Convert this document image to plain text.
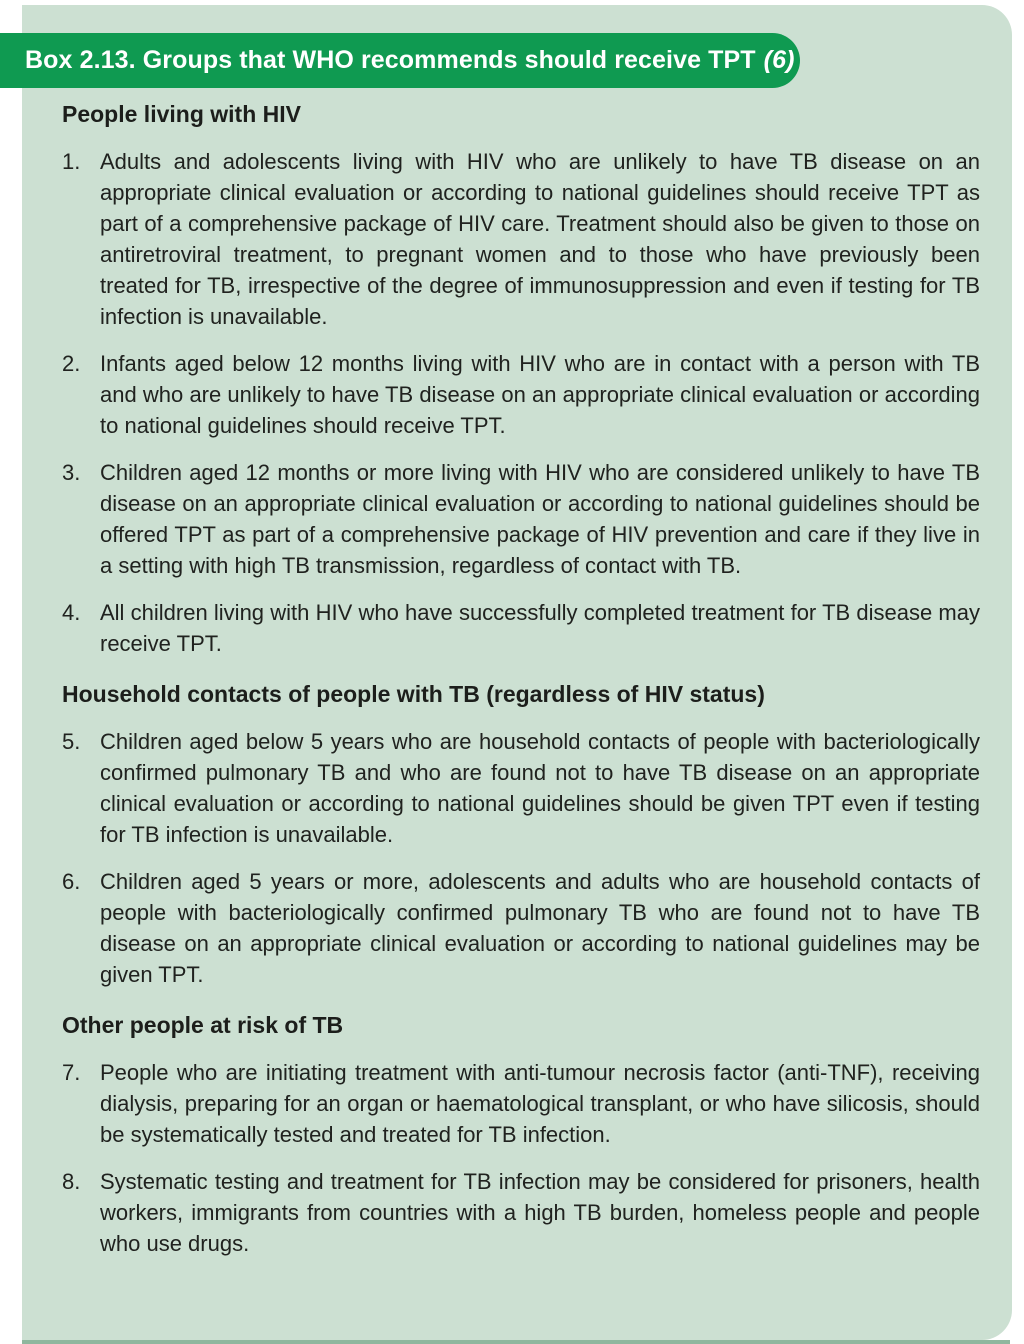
Box 2.13. Groups that WHO recommends should receive TPT (6)
People living with HIV
1. Adults and adolescents living with HIV who are unlikely to have TB disease on an appropriate clinical evaluation or according to national guidelines should receive TPT as part of a comprehensive package of HIV care. Treatment should also be given to those on antiretroviral treatment, to pregnant women and to those who have previously been treated for TB, irrespective of the degree of immunosuppression and even if testing for TB infection is unavailable.

2. Infants aged below 12 months living with HIV who are in contact with a person with TB and who are unlikely to have TB disease on an appropriate clinical evaluation or according to national guidelines should receive TPT.

3. Children aged 12 months or more living with HIV who are considered unlikely to have TB disease on an appropriate clinical evaluation or according to national guidelines should be offered TPT as part of a comprehensive package of HIV prevention and care if they live in a setting with high TB transmission, regardless of contact with TB.

4. All children living with HIV who have successfully completed treatment for TB disease may receive TPT.

Household contacts of people with TB (regardless of HIV status)
5. Children aged below 5 years who are household contacts of people with bacteriologically confirmed pulmonary TB and who are found not to have TB disease on an appropriate clinical evaluation or according to national guidelines should be given TPT even if testing for TB infection is unavailable.

6. Children aged 5 years or more, adolescents and adults who are household contacts of people with bacteriologically confirmed pulmonary TB who are found not to have TB disease on an appropriate clinical evaluation or according to national guidelines may be given TPT.

Other people at risk of TB
7. People who are initiating treatment with anti-tumour necrosis factor (anti-TNF), receiving dialysis, preparing for an organ or haematological transplant, or who have silicosis, should be systematically tested and treated for TB infection.

8. Systematic testing and treatment for TB infection may be considered for prisoners, health workers, immigrants from countries with a high TB burden, homeless people and people who use drugs.
